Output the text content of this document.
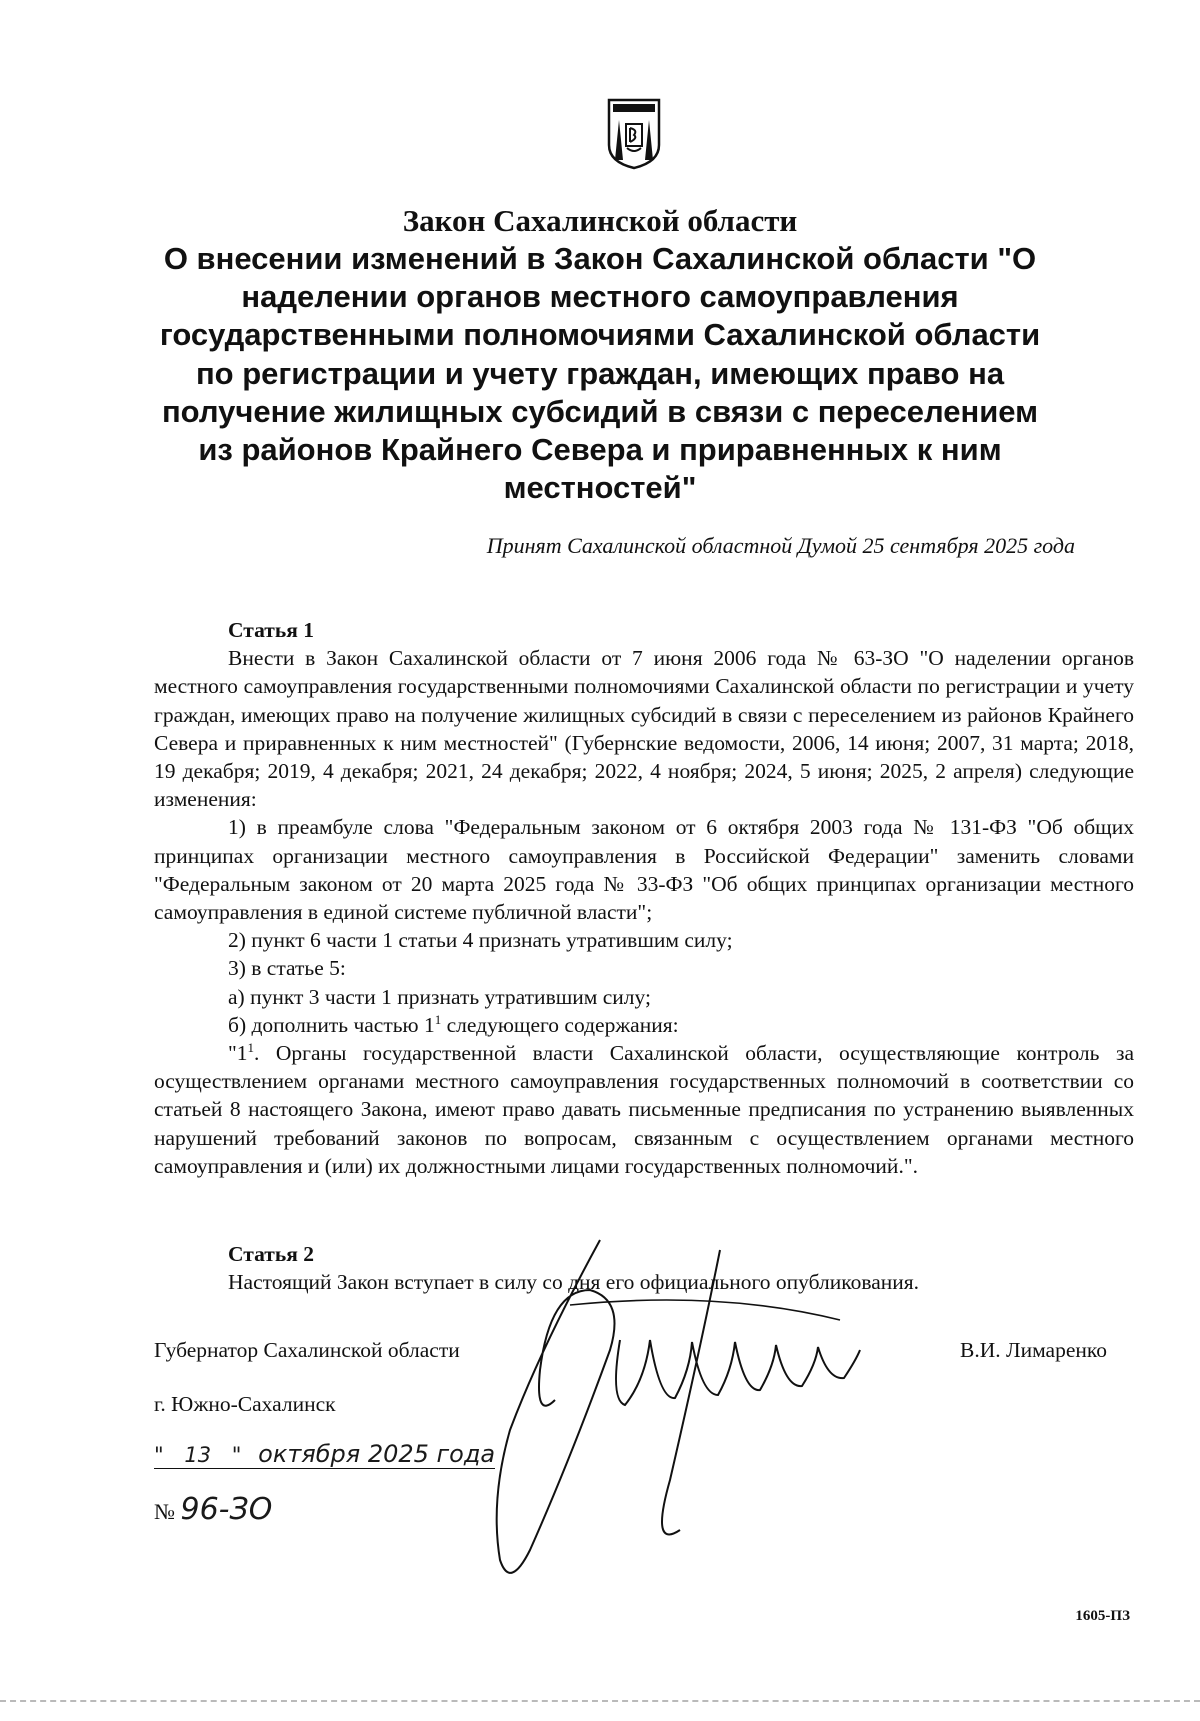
Закон Сахалинской области
О внесении изменений в Закон Сахалинской области "О наделении органов местного самоуправления государственными полномочиями Сахалинской области по регистрации и учету граждан, имеющих право на получение жилищных субсидий в связи с переселением из районов Крайнего Севера и приравненных к ним местностей"
Принят Сахалинской областной Думой 25 сентября 2025 года

Статья 1

Внести в Закон Сахалинской области от 7 июня 2006 года № 63-ЗО "О наделении органов местного самоуправления государственными полномочиями Сахалинской области по регистрации и учету граждан, имеющих право на получение жилищных субсидий в связи с переселением из районов Крайнего Севера и приравненных к ним местностей" (Губернские ведомости, 2006, 14 июня; 2007, 31 марта; 2018, 19 декабря; 2019, 4 декабря; 2021, 24 декабря; 2022, 4 ноября; 2024, 5 июня; 2025, 2 апреля) следующие изменения:

1) в преамбуле слова "Федеральным законом от 6 октября 2003 года № 131-ФЗ "Об общих принципах организации местного самоуправления в Российской Федерации" заменить словами "Федеральным законом от 20 марта 2025 года № 33-ФЗ "Об общих принципах организации местного самоуправления в единой системе публичной власти";

2) пункт 6 части 1 статьи 4 признать утратившим силу;

3) в статье 5:

а) пункт 3 части 1 признать утратившим силу;

б) дополнить частью $1^1$ следующего содержания:

"$1^1$. Органы государственной власти Сахалинской области, осуществляющие контроль за осуществлением органами местного самоуправления государственных полномочий в соответствии со статьей 8 настоящего Закона, имеют право давать письменные предписания по устранению выявленных нарушений требований законов по вопросам, связанным с осуществлением органами местного самоуправления и (или) их должностными лицами государственных полномочий.".

Статья 2

Настоящий Закон вступает в силу со дня его официального опубликования.

Губернатор Сахалинской области	В.И. Лимаренко
г. Южно-Сахалинск
" 13 " октября 2025 года
№ 96-ЗО
1605-ПЗ
